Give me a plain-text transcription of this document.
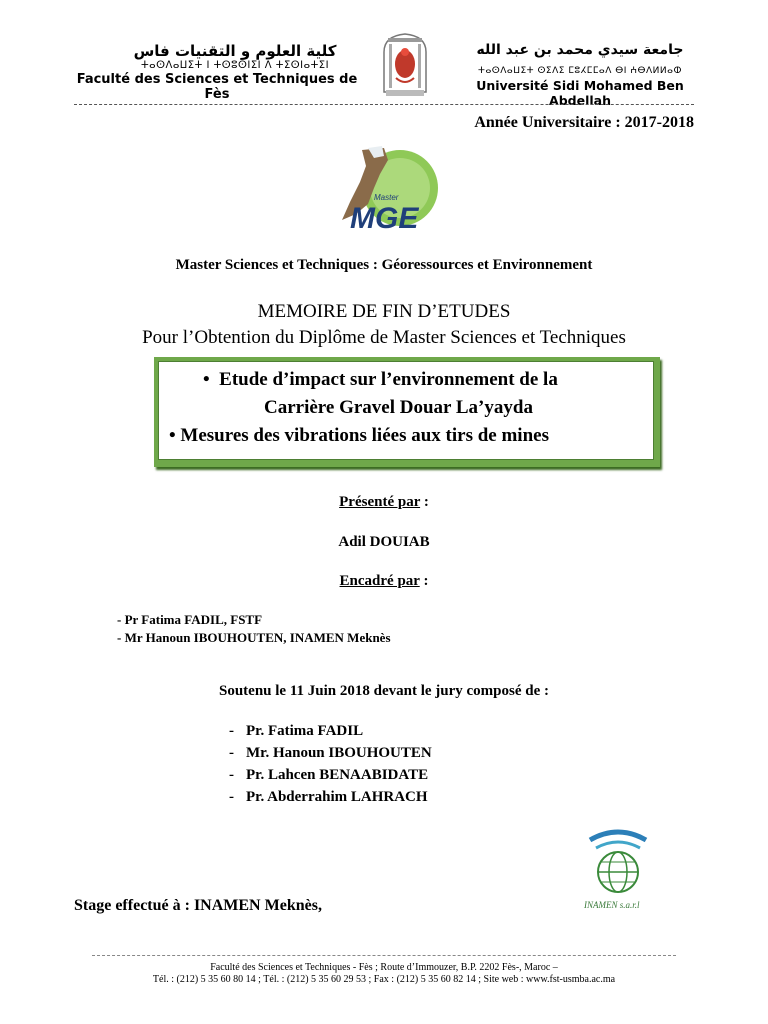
كلية العلوم و التقنيات فاس
ⵜⴰⵙⴷⴰⵡⵉⵜ ⵏ ⵜⵙⵓⵙⵏⵉⵏ ⴷ ⵜⵉⵙⵏⴰⵜⵉⵏ
Faculté des Sciences et Techniques de Fès
جامعة سيدي محمد بن عبد الله
ⵜⴰⵙⴷⴰⵡⵉⵜ ⵙⵉⴷⵉ ⵎⵓⵃⵎⵎⴰⴷ ⴱⵏ ⵄⴱⴷⵍⵍⴰⵀ
Université Sidi Mohamed Ben Abdellah
Année Universitaire : 2017-2018
Master
MGE
Master Sciences et Techniques : Géoressources et Environnement
MEMOIRE DE FIN D’ETUDES
Pour l’Obtention du Diplôme de Master Sciences et Techniques
• Etude d’impact sur l’environnement de la
Carrière Gravel Douar La’yayda
• Mesures des vibrations liées aux tirs de mines
Présenté par :
Adil DOUIAB
Encadré par :
- Pr Fatima FADIL, FSTF
- Mr Hanoun IBOUHOUTEN, INAMEN Meknès
Soutenu le 11 Juin 2018 devant le jury composé de :
- Pr. Fatima FADIL
- Mr. Hanoun IBOUHOUTEN
- Pr. Lahcen BENAABIDATE
- Pr. Abderrahim LAHRACH
INAMEN s.a.r.l
Stage effectué à : INAMEN Meknès,
Faculté des Sciences et Techniques - Fès ; Route d’Immouzer, B.P. 2202 Fès-, Maroc –
Tél. : (212) 5 35 60 80 14 ; Tél. : (212) 5 35 60 29 53 ; Fax : (212) 5 35 60 82 14 ; Site web : www.fst-usmba.ac.ma
